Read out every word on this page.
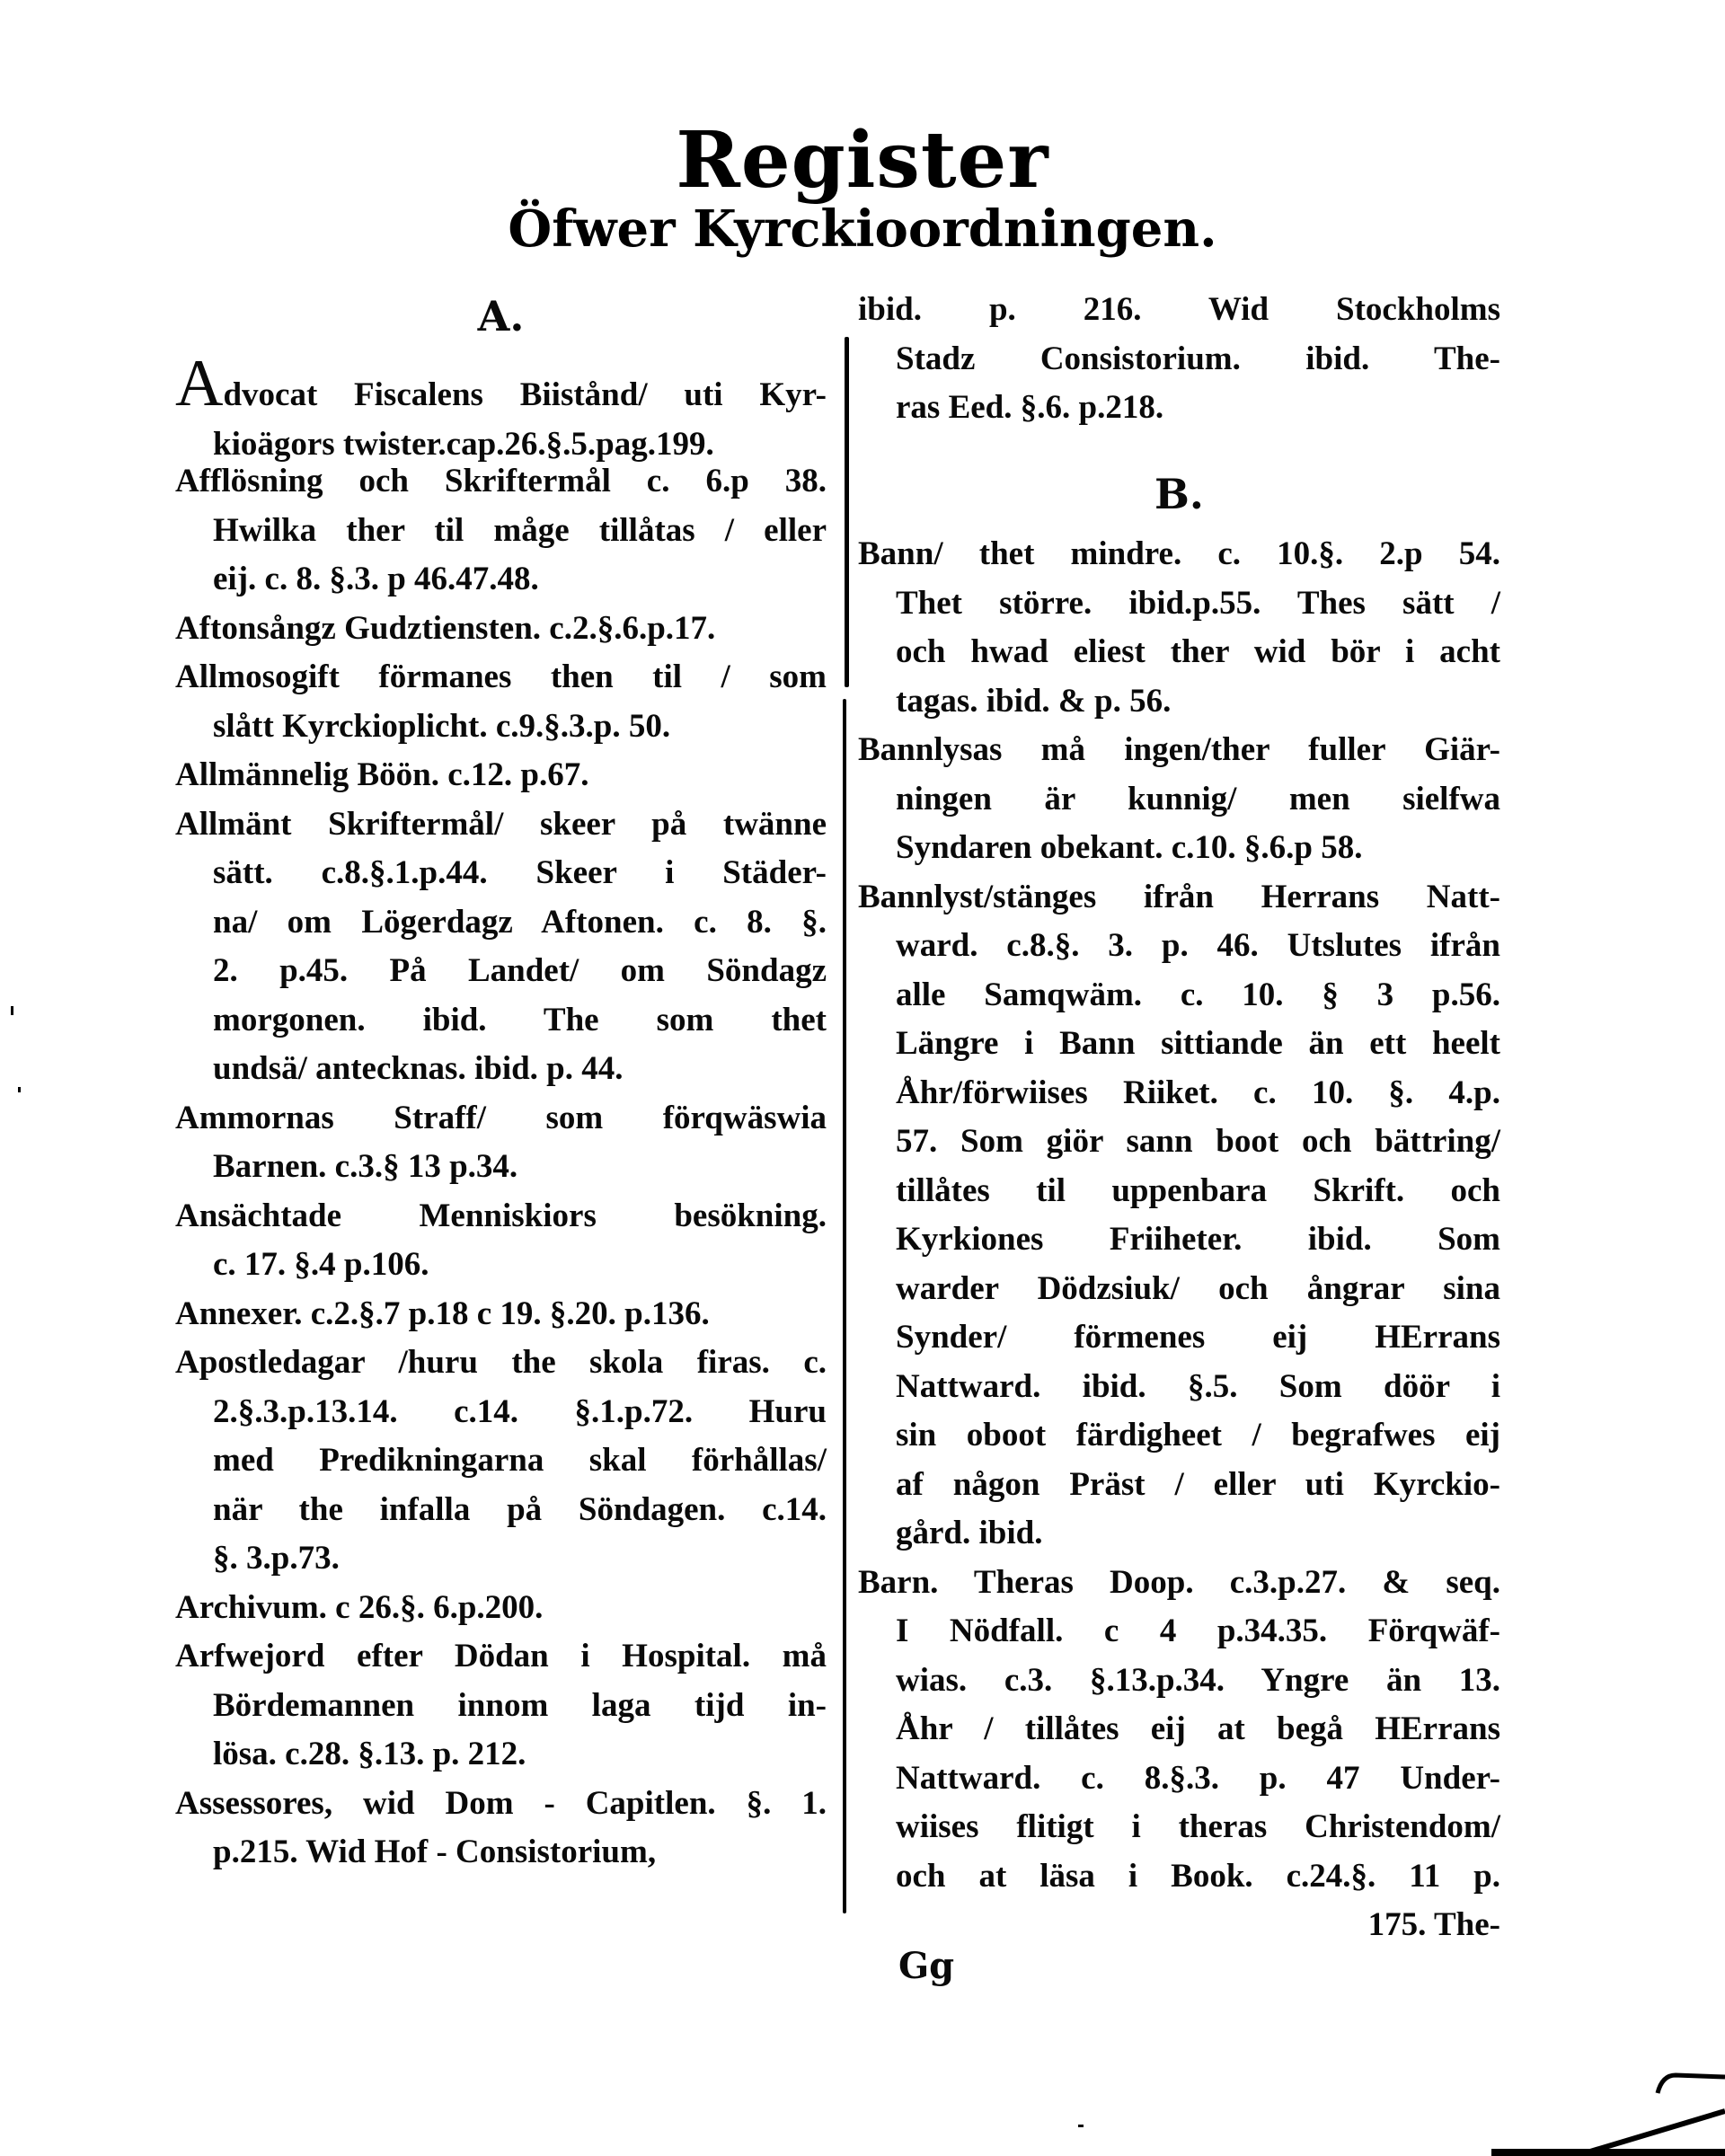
Register
Öfwer Kyrckioordningen.
A.
Advocat Fiscalens Biistånd/ uti Kyr-
kioägors twister.cap.26.§.5.pag.199.
Afflösning och Skriftermål c. 6.p 38.
Hwilka ther til måge tillåtas / eller
eij. c. 8. §.3. p 46.47.48.
Aftonsångz Gudztiensten. c.2.§.6.p.17.
Allmosogift förmanes then til / som
slått Kyrckioplicht. c.9.§.3.p. 50.
Allmännelig Böön. c.12. p.67.
Allmänt Skriftermål/ skeer på twänne
sätt. c.8.§.1.p.44. Skeer i Städer-
na/ om Lögerdagz Aftonen. c. 8. §.
2. p.45. På Landet/ om Söndagz
morgonen. ibid. The som thet
undsä/ antecknas. ibid. p. 44.
Ammornas Straff/ som förqwäswia
Barnen. c.3.§ 13 p.34.
Ansächtade Menniskiors besökning.
c. 17. §.4 p.106.
Annexer. c.2.§.7 p.18 c 19. §.20. p.136.
Apostledagar /huru the skola firas. c.
2.§.3.p.13.14. c.14. §.1.p.72. Huru
med Predikningarna skal förhållas/
när the infalla på Söndagen. c.14.
§. 3.p.73.
Archivum. c 26.§. 6.p.200.
Arfwejord efter Dödan i Hospital. må
Bördemannen innom laga tijd in-
lösa. c.28. §.13. p. 212.
Assessores, wid Dom - Capitlen. §. 1.
p.215. Wid Hof - Consistorium,
B.
ibid. p. 216. Wid Stockholms
Stadz Consistorium. ibid. The-
ras Eed. §.6. p.218.
Bann/ thet mindre. c. 10.§. 2.p 54.
Thet större. ibid.p.55. Thes sätt /
och hwad eliest ther wid bör i acht
tagas. ibid. & p. 56.
Bannlysas må ingen/ther fuller Giär-
ningen är kunnig/ men sielfwa
Syndaren obekant. c.10. §.6.p 58.
Bannlyst/stänges ifrån Herrans Natt-
ward. c.8.§. 3. p. 46. Utslutes ifrån
alle Samqwäm. c. 10. § 3 p.56.
Längre i Bann sittiande än ett heelt
Åhr/förwiises Riiket. c. 10. §. 4.p.
57. Som giör sann boot och bättring/
tillåtes til uppenbara Skrift. och
Kyrkiones Friiheter. ibid. Som
warder Dödzsiuk/ och ångrar sina
Synder/ förmenes eij HErrans
Nattward. ibid. §.5. Som döör i
sin oboot färdigheet / begrafwes eij
af någon Präst / eller uti Kyrckio-
gård. ibid.
Barn. Theras Doop. c.3.p.27. & seq.
I Nödfall. c 4 p.34.35. Förqwäf-
wias. c.3. §.13.p.34. Yngre än 13.
Åhr / tillåtes eij at begå HErrans
Nattward. c. 8.§.3. p. 47 Under-
wiises flitigt i theras Christendom/
och at läsa i Book. c.24.§. 11 p.
175. The-
Gg
